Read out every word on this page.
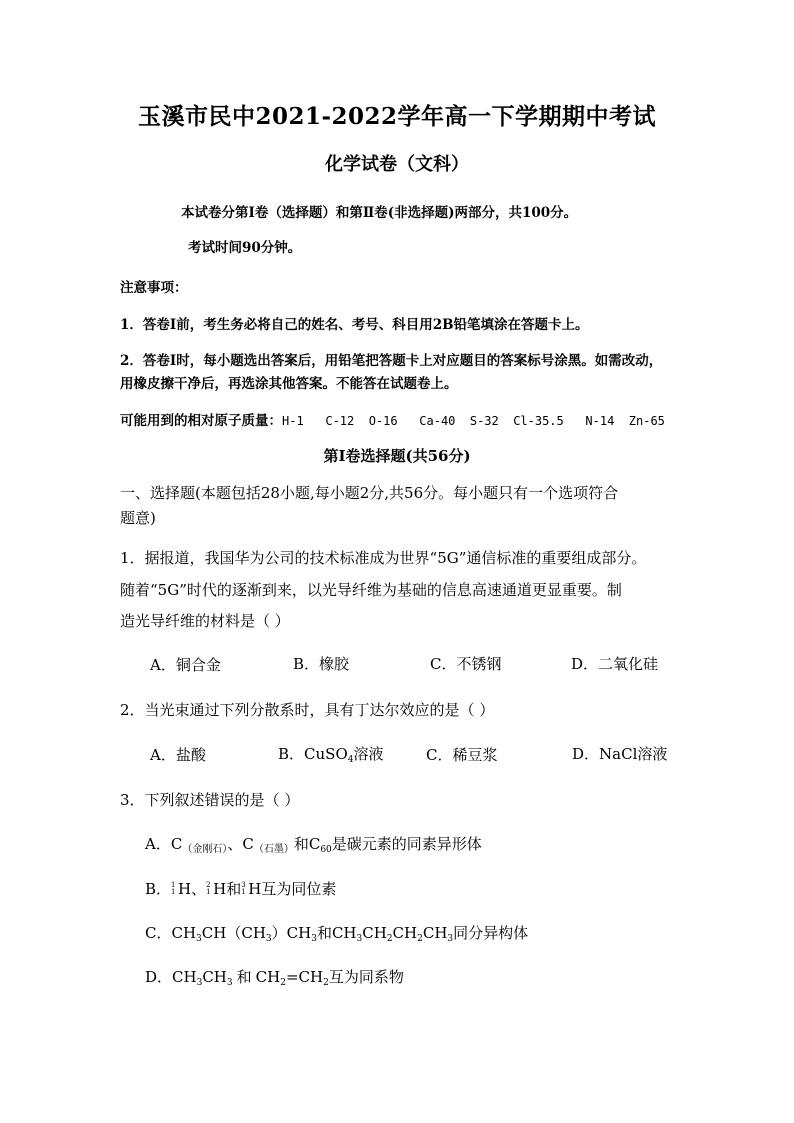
玉溪市民中2021-2022学年高一下学期期中考试
化学试卷（文科）
本试卷分第Ⅰ卷（选择题）和第Ⅱ卷(非选择题)两部分，共100分。
考试时间90分钟。
注意事项：
1．答卷Ⅰ前，考生务必将自己的姓名、考号、科目用2B铅笔填涂在答题卡上。
2．答卷Ⅰ时，每小题选出答案后，用铅笔把答题卡上对应题目的答案标号涂黑。如需改动，
用橡皮擦干净后，再选涂其他答案。不能答在试题卷上。
可能用到的相对原子质量：H-1   C-12  O-16   Ca-40  S-32  Cl-35.5   N-14  Zn-65
第Ⅰ卷选择题(共56分)
一、选择题(本题包括28小题,每小题2分,共56分。每小题只有一个选项符合
题意)
1．据报道，我国华为公司的技术标准成为世界“5G”通信标准的重要组成部分。
随着“5G”时代的逐渐到来，以光导纤维为基础的信息高速通道更显重要。制
造光导纤维的材料是（ ）
A．铜合金	B．橡胶	C．不锈钢	D．二氧化硅
2．当光束通过下列分散系时，具有丁达尔效应的是（ ）
A．盐酸	B．CuSO$_4$溶液	C．稀豆浆	D．NaCl溶液
3．下列叙述错误的是（ ）
A．$C_{(金刚石)}$、$C_{(石墨)}$和$C_{60}$是碳元素的同素异形体
B． 1
1 H、 2
1 H和 3
1 H互为同位素
C．$CH_3CH(CH_3)CH_3$和$CH_3CH_2CH_2CH_3$同分异构体
D．$CH_3CH_3$ 和 $CH_2=CH_2$互为同系物
